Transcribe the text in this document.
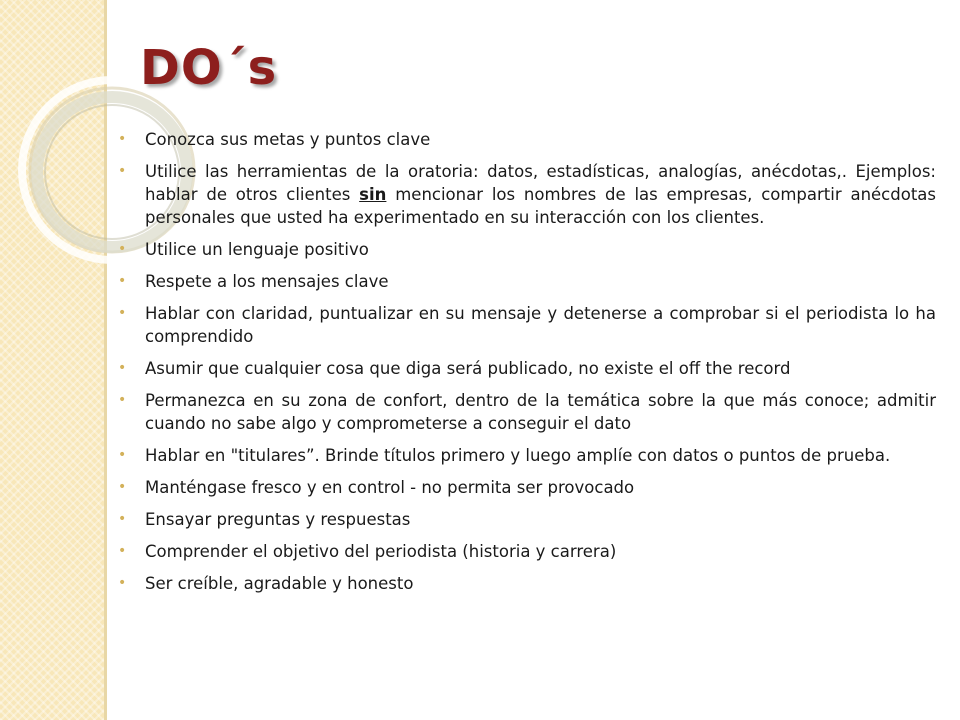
DO´s
• Conozca sus metas y puntos clave
• Utilice las herramientas de la oratoria: datos, estadísticas, analogías, anécdotas,. Ejemplos: hablar de otros clientes sin mencionar los nombres de las empresas, compartir anécdotas personales que usted ha experimentado en su interacción con los clientes.
• Utilice un lenguaje positivo
• Respete a los mensajes clave
• Hablar con claridad, puntualizar en su mensaje y detenerse a comprobar si el periodista lo ha comprendido
• Asumir que cualquier cosa que diga será publicado, no existe el off the record
• Permanezca en su zona de confort, dentro de la temática sobre la que más conoce; admitir cuando no sabe algo y comprometerse a conseguir el dato
• Hablar en "titulares”. Brinde títulos primero y luego amplíe con datos o puntos de prueba.
• Manténgase fresco y en control - no permita ser provocado
• Ensayar preguntas y respuestas
• Comprender el objetivo del periodista (historia y carrera)
• Ser creíble, agradable y honesto
